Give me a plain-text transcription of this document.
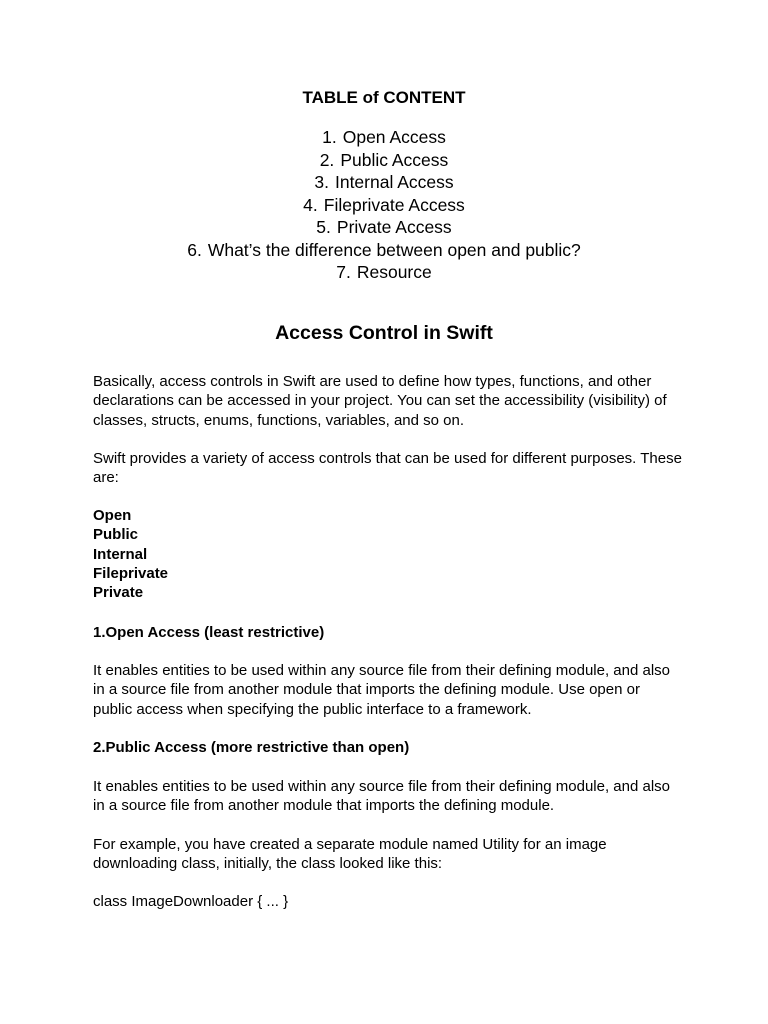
TABLE of CONTENT
1. Open Access
2. Public Access
3. Internal Access
4. Fileprivate Access
5. Private Access
6. What’s the difference between open and public?
7. Resource
Access Control in Swift

Basically, access controls in Swift are used to define how types, functions, and other declarations can be accessed in your project. You can set the accessibility (visibility) of classes, structs, enums, functions, variables, and so on.

Swift provides a variety of access controls that can be used for different purposes. These are:

Open
Public
Internal
Fileprivate
Private

1.Open Access (least restrictive)

It enables entities to be used within any source file from their defining module, and also in a source file from another module that imports the defining module. Use open or public access when specifying the public interface to a framework.

2.Public Access (more restrictive than open)

It enables entities to be used within any source file from their defining module, and also in a source file from another module that imports the defining module.

For example, you have created a separate module named Utility for an image downloading class, initially, the class looked like this:

class ImageDownloader { ... }
